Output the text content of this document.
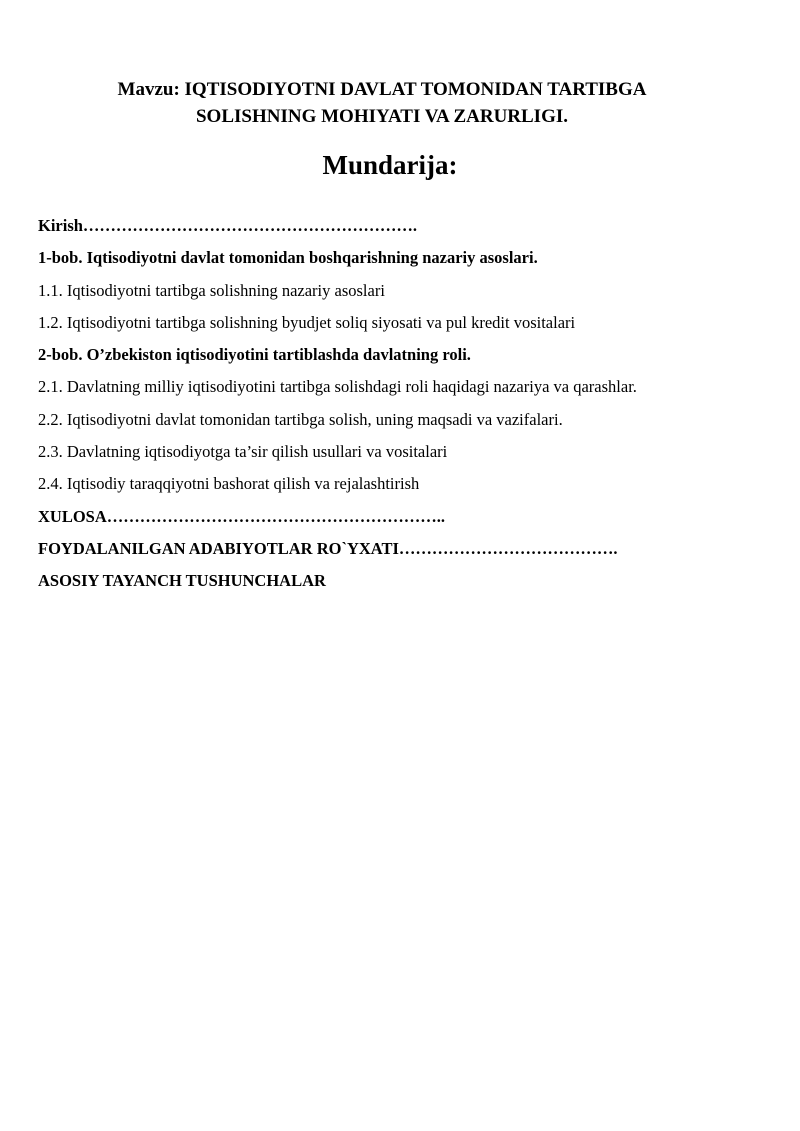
Mavzu: IQTISODIYOTNI DAVLAT TOMONIDAN TARTIBGA
SOLISHNING MOHIYATI VA ZARURLIGI.
Mundarija:
Kirish…………………………………………………….
1-bob. Iqtisodiyotni davlat tomonidan boshqarishning nazariy asoslari.
1.1. Iqtisodiyotni tartibga solishning nazariy asoslari
1.2. Iqtisodiyotni tartibga solishning byudjet soliq siyosati va pul kredit vositalari
2-bob. O’zbekiston iqtisodiyotini tartiblashda davlatning roli.
2.1. Davlatning milliy iqtisodiyotini tartibga solishdagi roli haqidagi nazariya va qarashlar.
2.2. Iqtisodiyotni davlat tomonidan tartibga solish, uning maqsadi va vazifalari.
2.3. Davlatning iqtisodiyotga ta’sir qilish usullari va vositalari
2.4. Iqtisodiy taraqqiyotni bashorat qilish va rejalashtirish
XULOSA……………………………………………………..
FOYDALANILGAN ADABIYOTLAR RO`YXATI………………………………….
ASOSIY TAYANCH TUSHUNCHALAR
